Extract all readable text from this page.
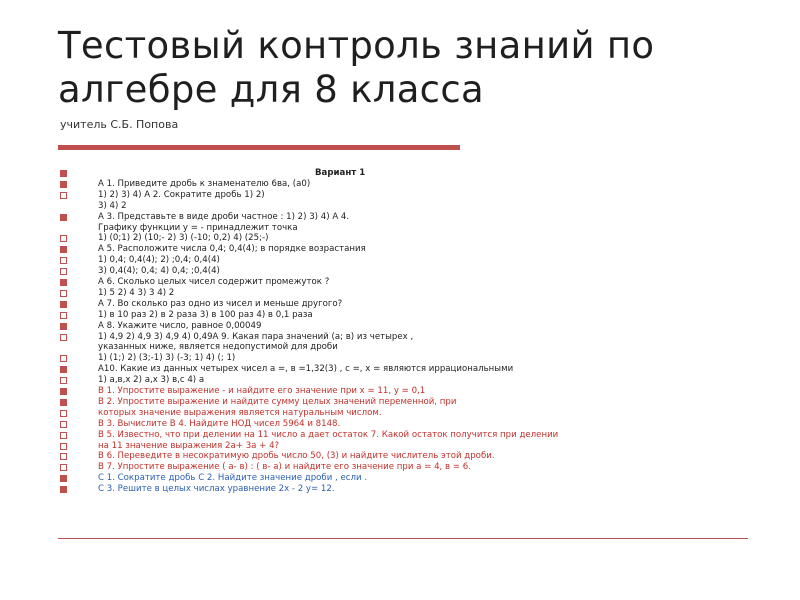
Тестовый контроль знаний по
алгебре для 8 класса
учитель С.Б. Попова
Вариант 1
А 1. Приведите дробь к знаменателю 6ва, (а0)
1) 2) 3) 4) А 2. Сократите дробь 1) 2)
3) 4) 2
А 3. Представьте в виде дроби частное : 1) 2) 3) 4) А 4.
Графику функции у = - принадлежит точка
1) (0;1) 2) (10;- 2) 3) (-10; 0,2) 4) (25;-)
А 5. Расположите числа 0,4; 0,4(4); в порядке возрастания
1) 0,4; 0,4(4); 2) ;0,4; 0,4(4)
3) 0,4(4); 0,4; 4) 0,4; ;0,4(4)
А 6. Сколько целых чисел содержит промежуток ?
1) 5 2) 4 3) 3 4) 2
А 7. Во сколько раз одно из чисел и меньше другого?
1) в 10 раз 2) в 2 раза 3) в 100 раз 4) в 0,1 раза
А 8. Укажите число, равное 0,00049
1) 4,9 2) 4,9 3) 4,9 4) 0,49А 9. Какая пара значений (а; в) из четырех ,
указанных ниже, является недопустимой для дроби
1) (1;) 2) (3;-1) 3) (-3; 1) 4) (; 1)
А10. Какие из данных четырех чисел а =, в =1,32(3) , с =, х = являются иррациональными
1) а,в,х 2) а,х 3) в,с 4) а
В 1. Упростите выражение - и найдите его значение при х = 11, у = 0,1
В 2. Упростите выражение и найдите сумму целых значений переменной, при
которых значение выражения является натуральным числом.
В 3. Вычислите В 4. Найдите НОД чисел 5964 и 8148.
В 5. Известно, что при делении на 11 число а дает остаток 7. Какой остаток получится при делении
на 11 значение выражения 2а+ 3а + 4?
В 6. Переведите в несократимую дробь число 50, (3) и найдите числитель этой дроби.
В 7. Упростите выражение ( а- в) : ( в- а) и найдите его значение при а = 4, в = 6.
С 1. Сократите дробь С 2. Найдите значение дроби , если .
С 3. Решите в целых числах уравнение 2х - 2 у= 12.
